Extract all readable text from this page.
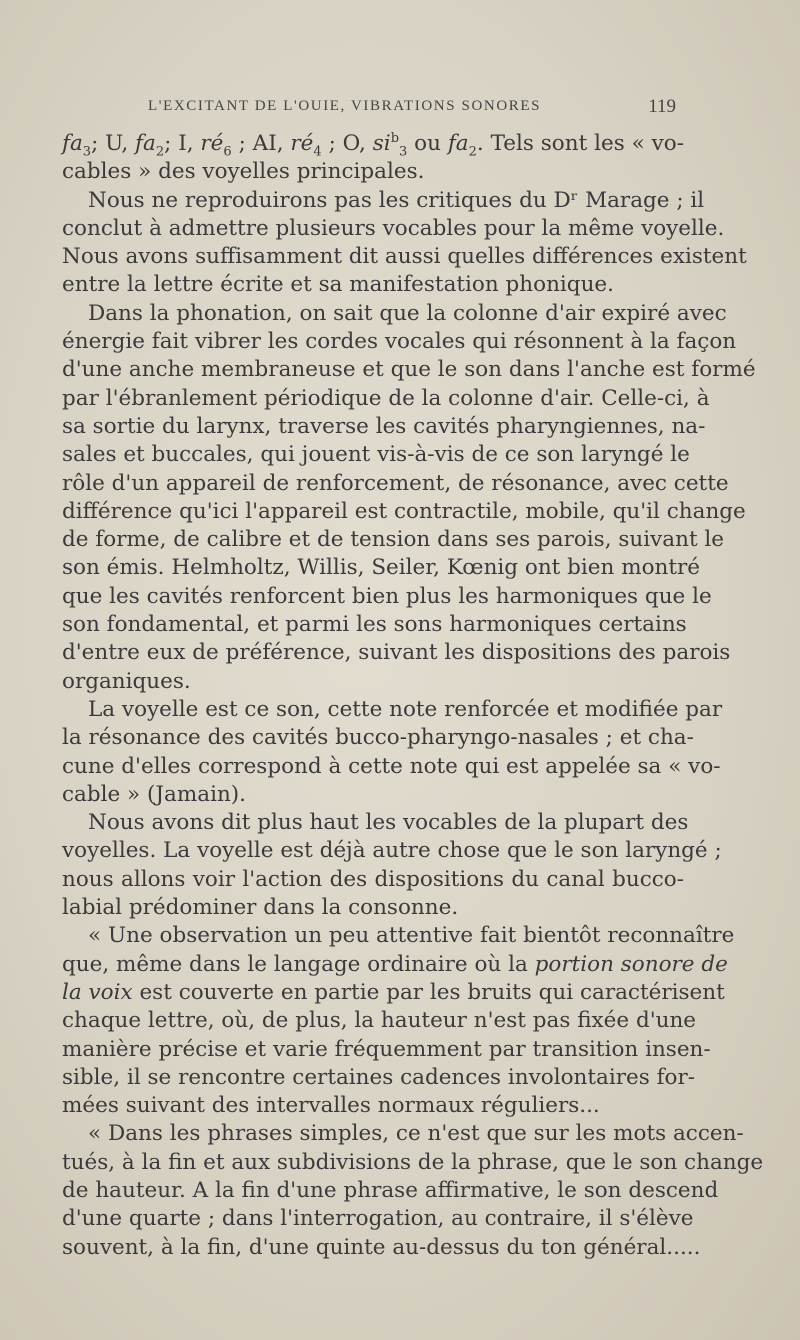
L'EXCITANT DE L'OUIE, VIBRATIONS SONORES	119
$fa_3$; U, $fa_2$; I, $ré_6$ ; AI, $ré_4$ ; O, $si^b_3$ ou $fa_2$. Tels sont les « vo-
cables » des voyelles principales.
Nous ne reproduirons pas les critiques du Dʳ Marage ; il
conclut à admettre plusieurs vocables pour la même voyelle.
Nous avons suffisamment dit aussi quelles différences existent
entre la lettre écrite et sa manifestation phonique.
Dans la phonation, on sait que la colonne d'air expiré avec
énergie fait vibrer les cordes vocales qui résonnent à la façon
d'une anche membraneuse et que le son dans l'anche est formé
par l'ébranlement périodique de la colonne d'air. Celle-ci, à
sa sortie du larynx, traverse les cavités pharyngiennes, na-
sales et buccales, qui jouent vis-à-vis de ce son laryngé le
rôle d'un appareil de renforcement, de résonance, avec cette
différence qu'ici l'appareil est contractile, mobile, qu'il change
de forme, de calibre et de tension dans ses parois, suivant le
son émis. Helmholtz, Willis, Seiler, Kœnig ont bien montré
que les cavités renforcent bien plus les harmoniques que le
son fondamental, et parmi les sons harmoniques certains
d'entre eux de préférence, suivant les dispositions des parois
organiques.
La voyelle est ce son, cette note renforcée et modifiée par
la résonance des cavités bucco-pharyngo-nasales ; et cha-
cune d'elles correspond à cette note qui est appelée sa « vo-
cable » (Jamain).
Nous avons dit plus haut les vocables de la plupart des
voyelles. La voyelle est déjà autre chose que le son laryngé ;
nous allons voir l'action des dispositions du canal bucco-
labial prédominer dans la consonne.
« Une observation un peu attentive fait bientôt reconnaître
que, même dans le langage ordinaire où la portion sonore de
la voix est couverte en partie par les bruits qui caractérisent
chaque lettre, où, de plus, la hauteur n'est pas fixée d'une
manière précise et varie fréquemment par transition insen-
sible, il se rencontre certaines cadences involontaires for-
mées suivant des intervalles normaux réguliers...
« Dans les phrases simples, ce n'est que sur les mots accen-
tués, à la fin et aux subdivisions de la phrase, que le son change
de hauteur. A la fin d'une phrase affirmative, le son descend
d'une quarte ; dans l'interrogation, au contraire, il s'élève
souvent, à la fin, d'une quinte au-dessus du ton général.....
